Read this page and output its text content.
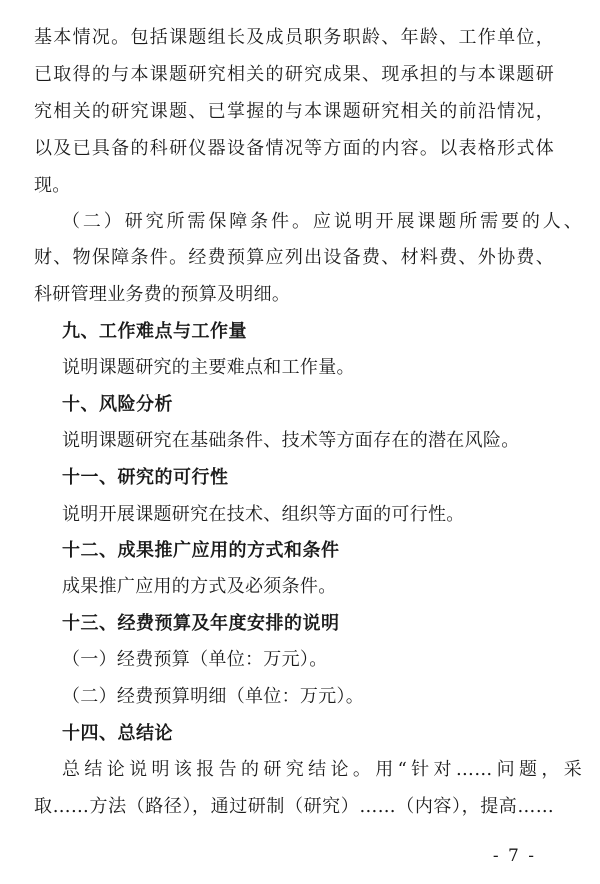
基本情况。包括课题组长及成员职务职龄、年龄、工作单位，
已取得的与本课题研究相关的研究成果、现承担的与本课题研
究相关的研究课题、已掌握的与本课题研究相关的前沿情况，
以及已具备的科研仪器设备情况等方面的内容。以表格形式体
现。
（二）研究所需保障条件。应说明开展课题所需要的人、
财、物保障条件。经费预算应列出设备费、材料费、外协费、
科研管理业务费的预算及明细。
九、工作难点与工作量
说明课题研究的主要难点和工作量。
十、风险分析
说明课题研究在基础条件、技术等方面存在的潜在风险。
十一、研究的可行性
说明开展课题研究在技术、组织等方面的可行性。
十二、成果推广应用的方式和条件
成果推广应用的方式及必须条件。
十三、经费预算及年度安排的说明
（一）经费预算（单位：万元）。
（二）经费预算明细（单位：万元）。
十四、总结论
总结论说明该报告的研究结论。用“针对……问题，采
取……方法（路径），通过研制（研究）……（内容），提高……
- 7 -
